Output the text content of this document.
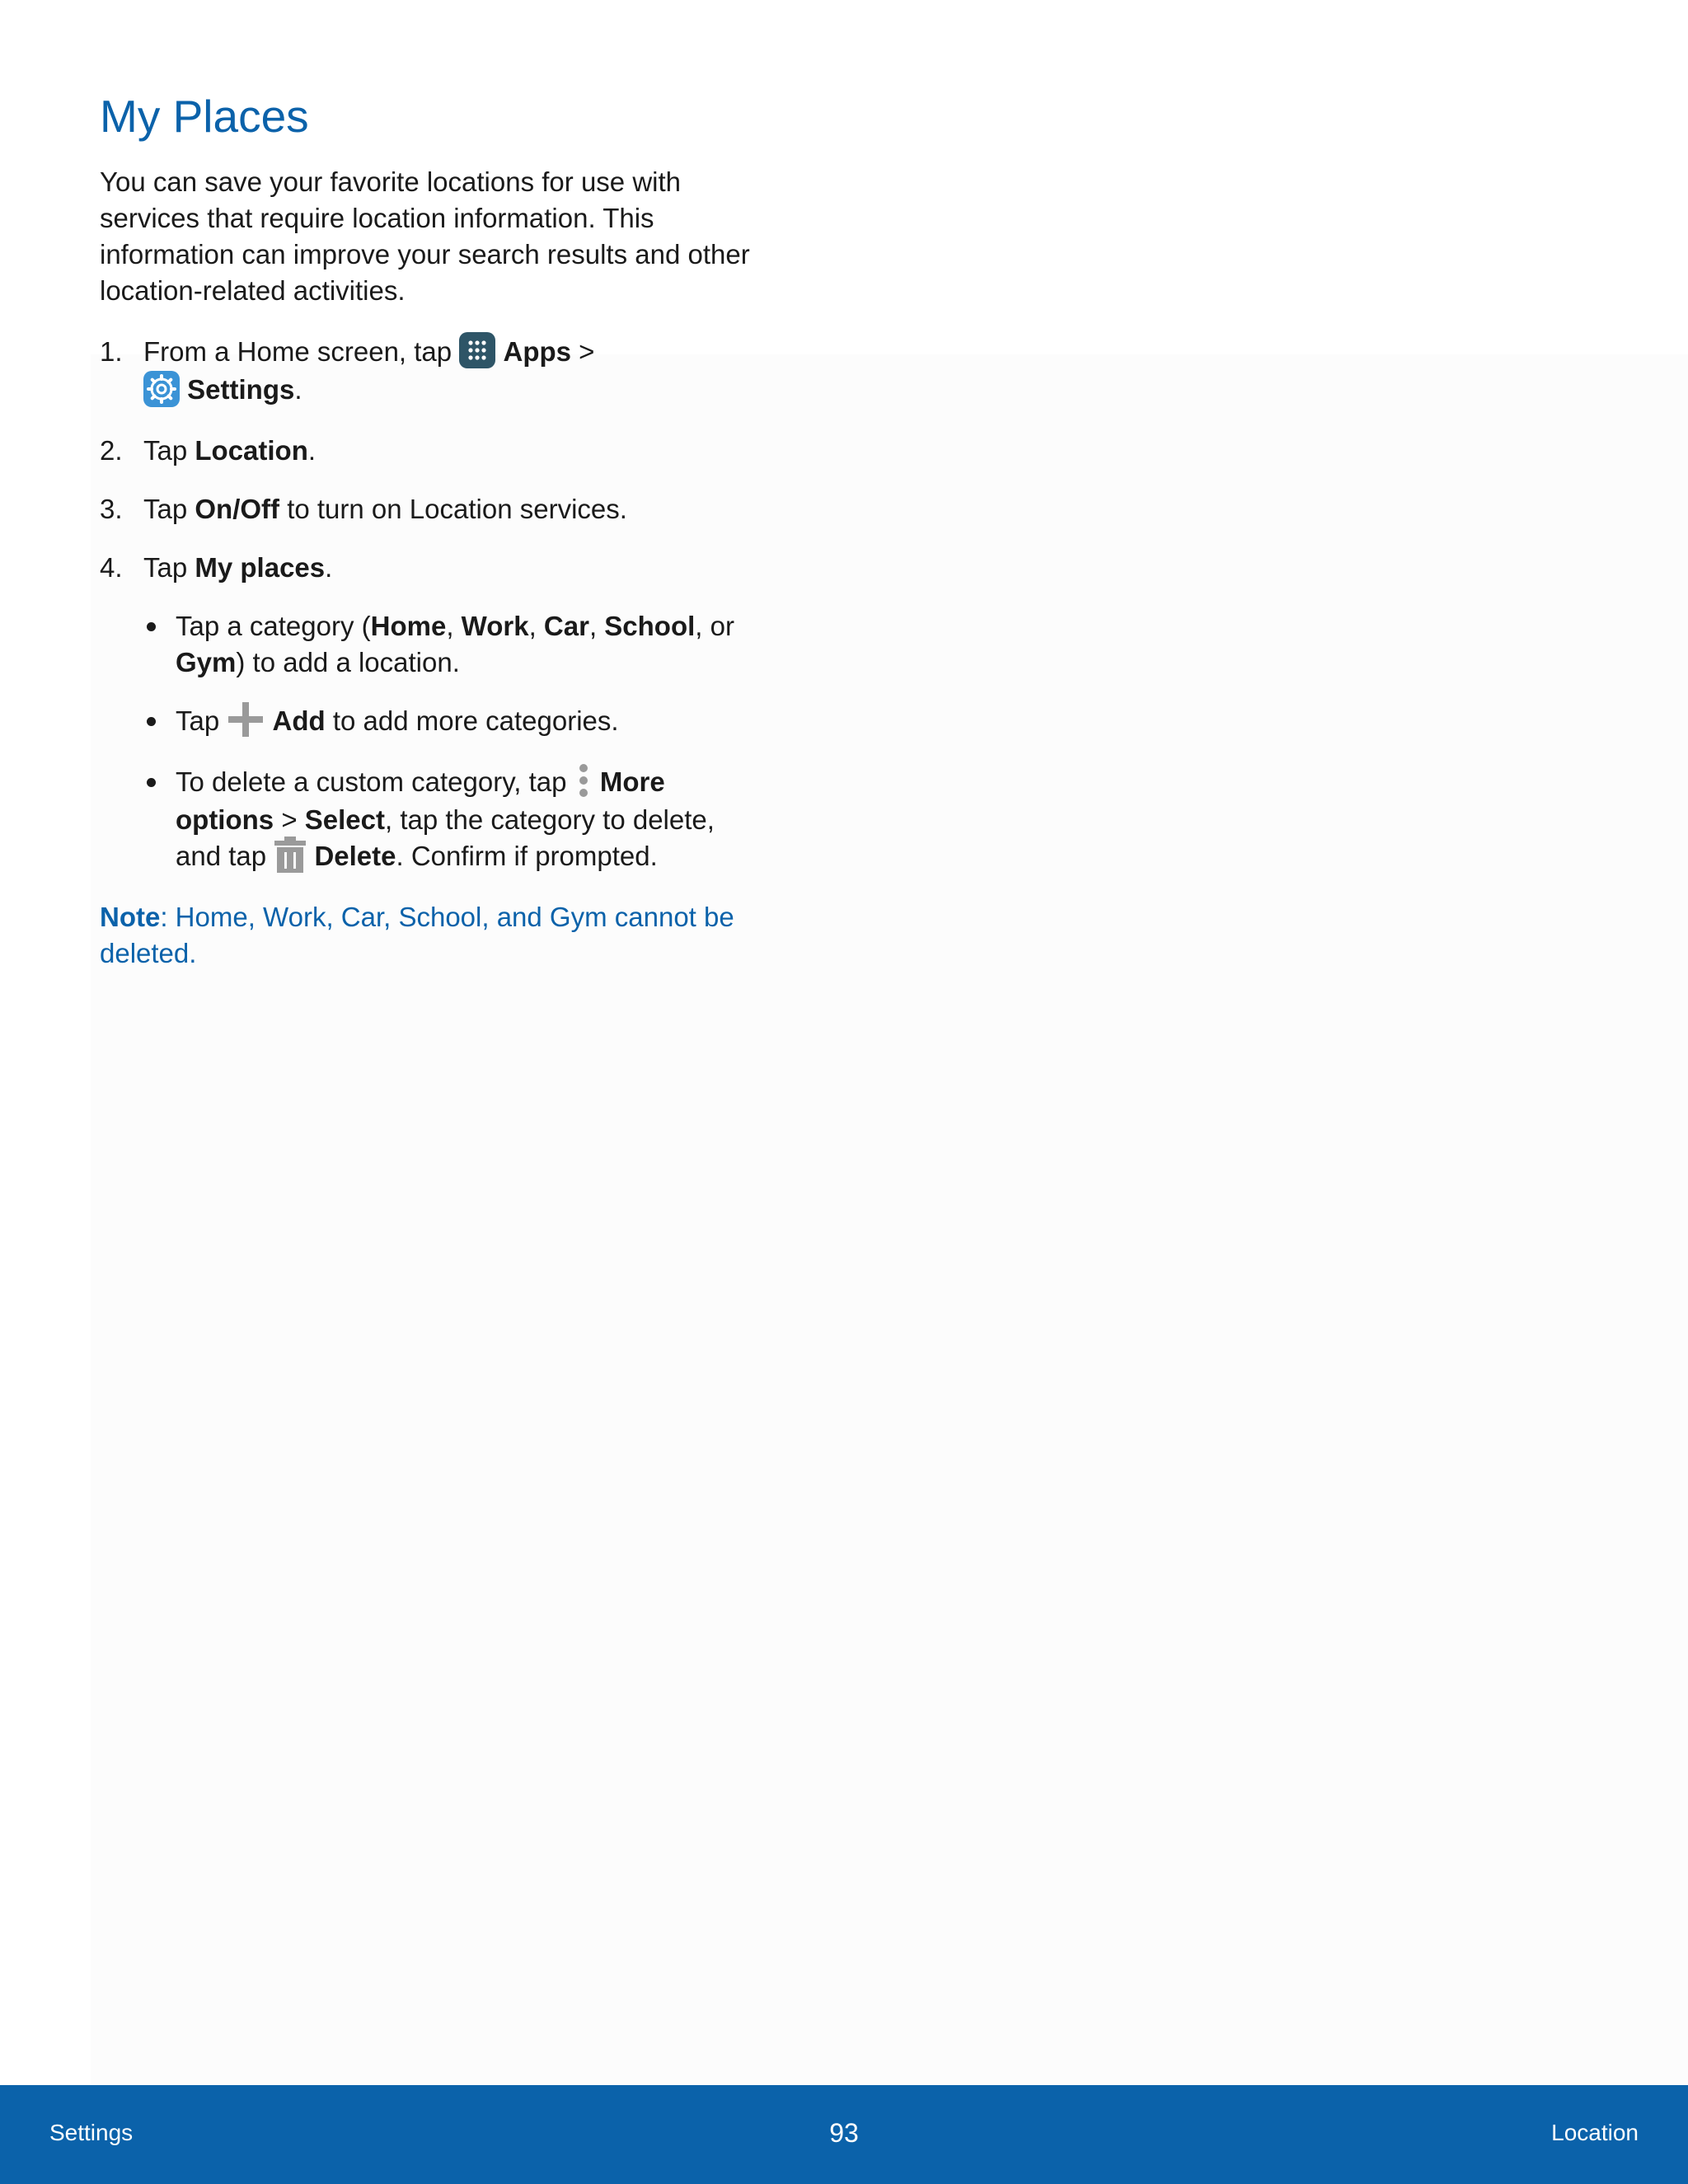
My Places

You can save your favorite locations for use with services that require location information. This information can improve your search results and other location-related activities.

1. From a Home screen, tap
Apps >

Settings.
2. Tap Location.
3. Tap On/Off to turn on Location services.
4. Tap My places.
Tap a category (Home, Work, Car, School, or Gym) to add a location.
Tap
Add to add more categories.
To delete a custom category, tap
More options > Select, tap the category to delete, and tap
Delete. Confirm if prompted.

Note: Home, Work, Car, School, and Gym cannot be deleted.

Settings	93	Location
